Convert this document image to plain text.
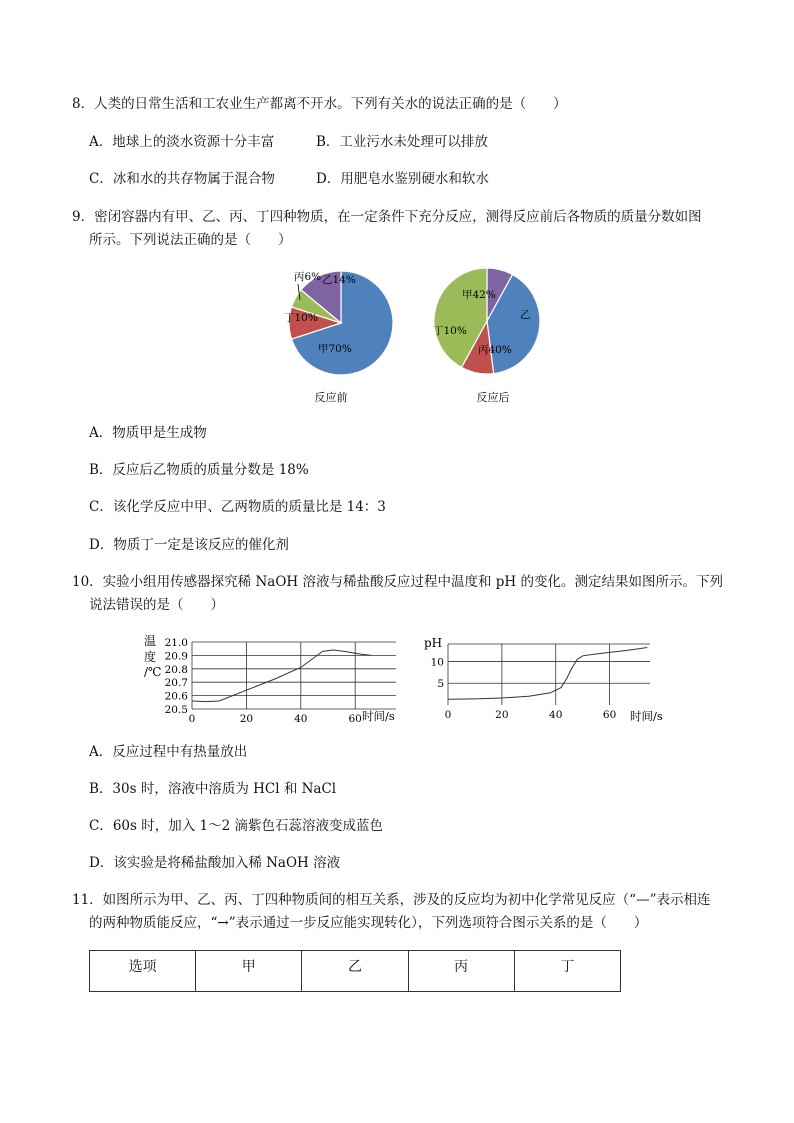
8．人类的日常生活和工农业生产都离不开水。下列有关水的说法正确的是（　　）
A．地球上的淡水资源十分丰富	B．工业污水未处理可以排放
C．冰和水的共存物属于混合物	D．用肥皂水鉴别硬水和软水
9．密闭容器内有甲、乙、丙、丁四种物质，在一定条件下充分反应，测得反应前后各物质的质量分数如图
所示。下列说法正确的是（　　）
丙6%
丁10%
甲70%
乙14%
反应前
甲42%
乙
丁10%
丙40%
反应后
A．物质甲是生成物
B．反应后乙物质的质量分数是 18%
C．该化学反应中甲、乙两物质的质量比是 14：3
D．物质丁一定是该反应的催化剂
10．实验小组用传感器探究稀 NaOH 溶液与稀盐酸反应过程中温度和 pH 的变化。测定结果如图所示。下列
说法错误的是（　　）
温
度
/℃
20.5
20.6
20.7
20.8
20.9
21.0
0	20	40	60 时间/s
pH
5
10
0	20	40	60 时间/s
A．反应过程中有热量放出
B．30s 时，溶液中溶质为 HCl 和 NaCl
C．60s 时，加入 1～2 滴紫色石蕊溶液变成蓝色
D．该实验是将稀盐酸加入稀 NaOH 溶液
11．如图所示为甲、乙、丙、丁四种物质间的相互关系，涉及的反应均为初中化学常见反应（“—”表示相连
的两种物质能反应，“→”表示通过一步反应能实现转化），下列选项符合图示关系的是（　　）
选项	甲	乙	丙	丁
